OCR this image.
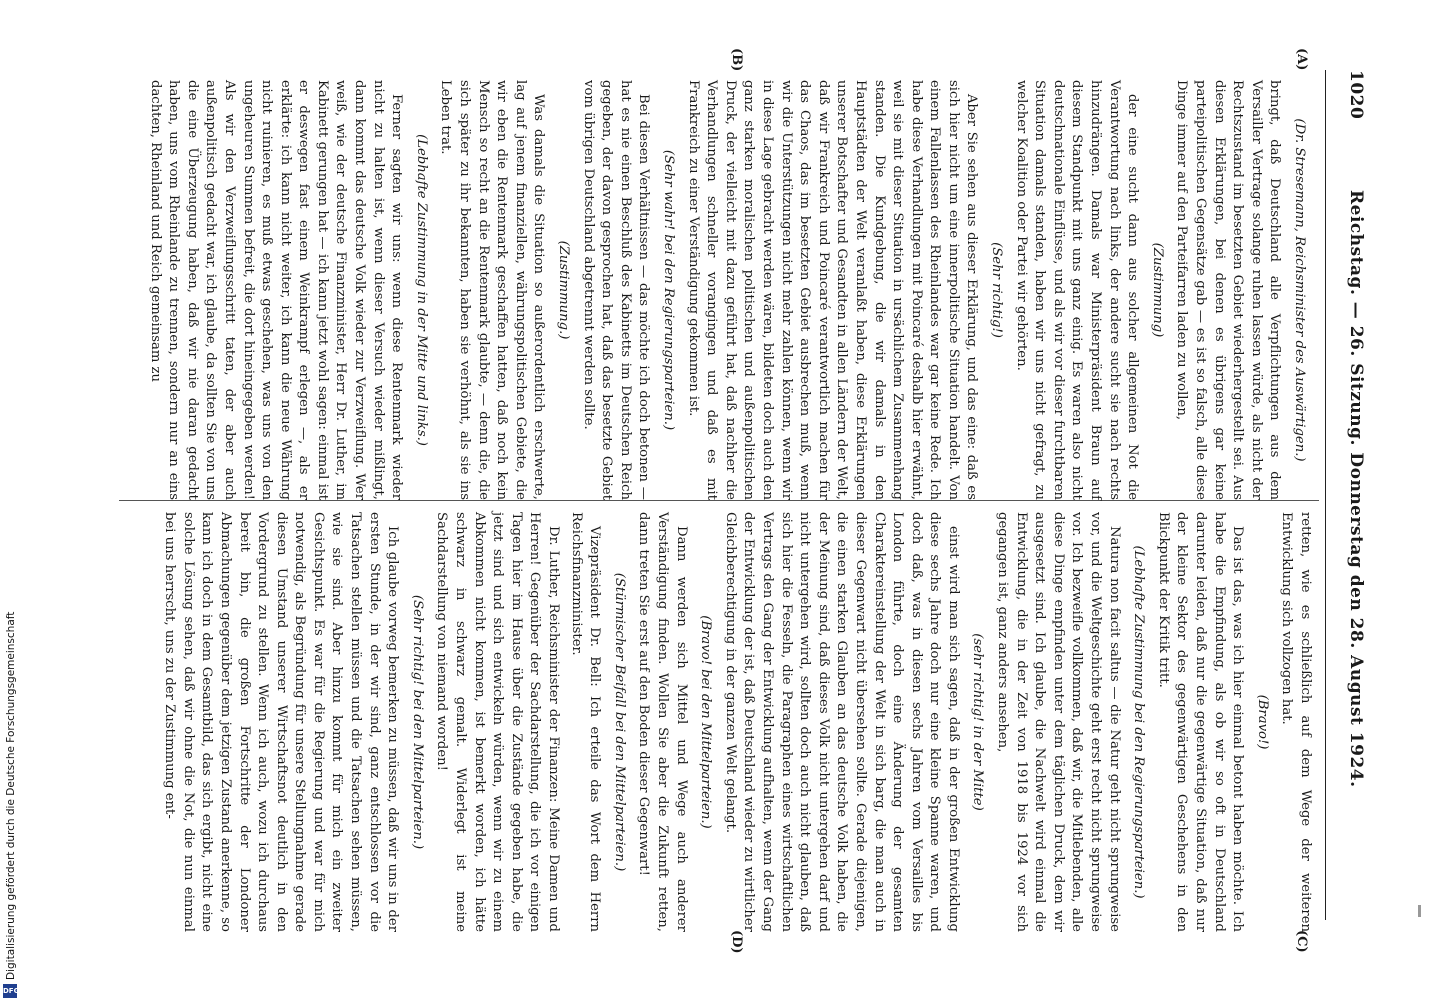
1020
Reichstag. — 26. Sitzung. Donnerstag den 28. August 1924.
(A)
(B)
(C)
(D)

(Dr. Stresemann, Reichsminister des Auswärtigen.)

bringt, daß Deutschland alle Verpflichtungen aus dem Versailler Vertrage solange ruhen lassen würde, als nicht der Rechtszustand im besetzten Gebiet wiederhergestellt sei. Aus diesen Erklärungen, bei denen es übrigens gar keine parteipolitischen Gegensätze gab — es ist so falsch, alle diese Dinge immer auf den Parteifarren laden zu wollen,

(Zustimmung)

der eine sucht dann aus solcher allgemeinen Not die Verantwortung nach links, der andere sucht sie nach rechts hinzudrängen. Damals war Ministerpräsident Braun auf diesem Standpunkt mit uns ganz einig. Es waren also nicht deutschnationale Einflüsse, und als wir vor dieser furchtbaren Situation damals standen, haben wir uns nicht gefragt, zu welcher Koalition oder Partei wir gehörten.

(Sehr richtig!)

Aber Sie sehen aus dieser Erklärung, und das eine: daß es sich hier nicht um eine innerpolitische Situation handelt. Von einem Fallenlassen des Rheinlandes war gar keine Rede. Ich habe diese Verhandlungen mit Poincaré deshalb hier erwähnt, weil sie mit dieser Situation in ursächlichem Zusammenhang standen. Die Kundgebung, die wir damals in den Hauptstädten der Welt veranlaßt haben, diese Erklärungen unserer Botschafter und Gesandten in allen Ländern der Welt, daß wir Frankreich und Poincaré verantwortlich machen für das Chaos, das im besetzten Gebiet ausbrechen muß, wenn wir die Unterstützungen nicht mehr zahlen können, wenn wir in diese Lage gebracht werden wären, bildeten doch auch den ganz starken moralischen politischen und außenpolitischen Druck, der vielleicht mit dazu geführt hat, daß nachher die Verhandlungen schneller vorangingen und daß es mit Frankreich zu einer Verständigung gekommen ist.

(Sehr wahr! bei den Regierungsparteien.)

Bei diesen Verhältnissen — das möchte ich doch betonen — hat es nie einen Beschluß des Kabinetts im Deutschen Reich gegeben, der davon gesprochen hat, daß das besetzte Gebiet vom übrigen Deutschland abgetrennt werden sollte.

(Zustimmung.)

Was damals die Situation so außerordentlich erschwerte, lag auf jenem finanziellen, währungspolitischen Gebiete, die wir eben die Rentenmark geschaffen hatten, daß noch kein Mensch so recht an die Rentenmark glaubte, — denn die, die sich später zu ihr bekannten, haben sie verhöhnt, als sie ins Leben trat.

(Lebhafte Zustimmung in der Mitte und links.)

Ferner sagten wir uns: wenn diese Rentenmark wieder nicht zu halten ist, wenn dieser Versuch wieder mißlingt, dann kommt das deutsche Volk wieder zur Verzweiflung. Wer weiß, wie der deutsche Finanzminister, Herr Dr. Luther, im Kabinett gerungen hat — ich kann jetzt wohl sagen: einmal ist er deswegen fast einem Weinkrampf erlegen —, als er erklärte: ich kann nicht weiter, ich kann die neue Währung nicht ruinieren, es muß etwas geschehen, was uns von den ungeheuren Summen befreit, die dort hineingegeben werden! Als wir den Verzweiflungsschritt taten, der aber auch außenpolitisch gedacht war, ich glaube, da sollten Sie von uns die eine Überzeugung haben, daß wir nie daran gedacht haben, uns vom Rheinlande zu trennen, sondern nur an eins dachten, Rheinland und Reich gemeinsam zu

retten, wie es schließlich auf dem Wege der weiteren Entwicklung sich vollzogen hat.

(Bravo!)

Das ist das, was ich hier einmal betont haben möchte. Ich habe die Empfindung, als ob wir so oft in Deutschland darunter leiden, daß nur die gegenwärtige Situation, daß nur der kleine Sektor des gegenwärtigen Geschehens in den Blickpunkt der Kritik tritt.

(Lebhafte Zustimmung bei den Regierungsparteien.)

Natura non facit saltus — die Natur geht nicht sprungweise vor, und die Weltgeschichte geht erst recht nicht sprungweise vor. Ich bezweifle vollkommen, daß wir, die Mitlebenden, alle diese Dinge empfinden unter dem täglichen Druck, dem wir ausgesetzt sind. Ich glaube, die Nachwelt wird einmal die Entwicklung, die in der Zeit von 1918 bis 1924 vor sich gegangen ist, ganz anders ansehen,

(sehr richtig! in der Mitte)

einst wird man sich sagen, daß in der großen Entwicklung diese sechs Jahre doch nur eine kleine Spanne waren, und doch daß, was in diesen sechs Jahren vom Versailles bis London führte, doch eine Änderung der gesamten Charaktereinstellung der Welt in sich barg, die man auch in dieser Gegenwart nicht übersehen sollte. Gerade diejenigen, die einen starken Glauben an das deutsche Volk haben, die der Meinung sind, daß dieses Volk nicht untergehen darf und nicht untergehen wird, sollten doch auch nicht glauben, daß sich hier die Fesseln, die Paragraphen eines wirtschaftlichen Vertrags den Gang der Entwicklung aufhalten, wenn der Gang der Entwicklung der ist, daß Deutschland wieder zu wirtlicher Gleichberechtigung in der ganzen Welt gelangt.

(Bravo! bei den Mittelparteien.)

Dann werden sich Mittel und Wege auch anderer Verständigung finden. Wollen Sie aber die Zukunft retten, dann treten Sie erst auf den Boden dieser Gegenwart!

(Stürmischer Beifall bei den Mittelparteien.)

Vizepräsident Dr. Bell: Ich erteile das Wort dem Herrn Reichsfinanzminister.

Dr. Luther, Reichsminister der Finanzen: Meine Damen und Herren! Gegenüber der Sachdarstellung, die ich vor einigen Tagen hier im Hause über die Zustände gegeben habe, die jetzt sind und sich entwickeln würden, wenn wir zu einem Abkommen nicht kommen, ist bemerkt worden, ich hätte schwarz in schwarz gemalt. Widerlegt ist meine Sachdarstellung von niemand worden!

(Sehr richtig! bei den Mittelparteien.)

Ich glaube vorweg bemerken zu müssen, daß wir uns in der ersten Stunde, in der wir sind, ganz entschlossen vor die Tatsachen stellen müssen und die Tatsachen sehen müssen, wie sie sind. Aber hinzu kommt für mich ein zweiter Gesichtspunkt. Es war für die Regierung und war für mich notwendig, als Begründung für unsere Stellungnahme gerade diesen Umstand unserer Wirtschaftsnot deutlich in den Vordergrund zu stellen. Wenn ich auch, wozu ich durchaus bereit bin, die großen Fortschritte der Londoner Abmachungen gegenüber dem jetzigen Zustand anerkenne, so kann ich doch in dem Gesamtbild, das sich ergibt, nicht eine solche Lösung sehen, daß wir ohne die Not, die nun einmal bei uns herrscht, uns zu der Zustimmung ent-

Digitalisierung gefördert durch die Deutsche Forschungsgemeinschaft
DFG
